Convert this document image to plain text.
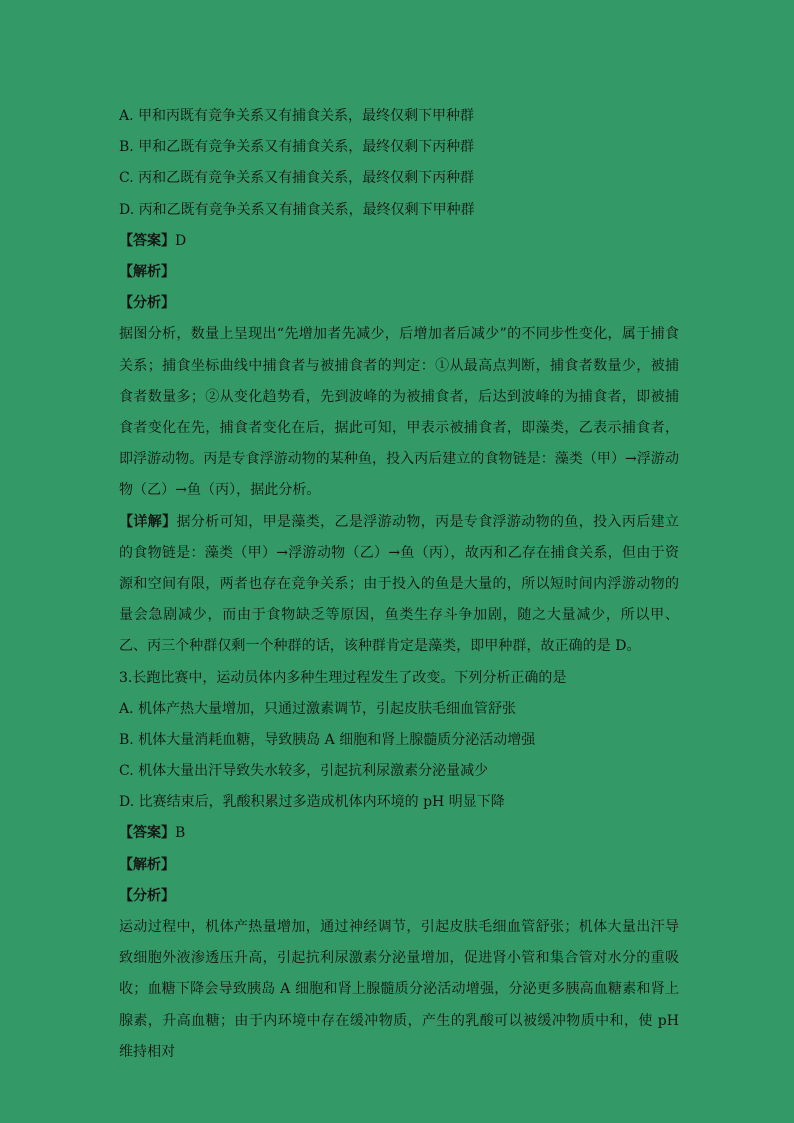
A. 甲和丙既有竞争关系又有捕食关系，最终仅剩下甲种群
B. 甲和乙既有竞争关系又有捕食关系，最终仅剩下丙种群
C. 丙和乙既有竞争关系又有捕食关系，最终仅剩下丙种群
D. 丙和乙既有竞争关系又有捕食关系，最终仅剩下甲种群
【答案】D
【解析】
【分析】
据图分析，数量上呈现出“先增加者先减少，后增加者后减少”的不同步性变化，属于捕食关系；捕食坐标曲线中捕食者与被捕食者的判定：①从最高点判断，捕食者数量少，被捕食者数量多；②从变化趋势看，先到波峰的为被捕食者，后达到波峰的为捕食者，即被捕食者变化在先，捕食者变化在后，据此可知，甲表示被捕食者，即藻类，乙表示捕食者，即浮游动物。丙是专食浮游动物的某种鱼，投入丙后建立的食物链是：藻类（甲）→浮游动物（乙）→鱼（丙），据此分析。
【详解】据分析可知，甲是藻类，乙是浮游动物，丙是专食浮游动物的鱼，投入丙后建立的食物链是：藻类（甲）→浮游动物（乙）→鱼（丙），故丙和乙存在捕食关系，但由于资源和空间有限，两者也存在竞争关系；由于投入的鱼是大量的，所以短时间内浮游动物的量会急剧减少，而由于食物缺乏等原因，鱼类生存斗争加剧，随之大量减少，所以甲、乙、丙三个种群仅剩一个种群的话，该种群肯定是藻类，即甲种群，故正确的是 D。
3.长跑比赛中，运动员体内多种生理过程发生了改变。下列分析正确的是
A. 机体产热大量增加，只通过激素调节，引起皮肤毛细血管舒张
B. 机体大量消耗血糖，导致胰岛 A 细胞和肾上腺髓质分泌活动增强
C. 机体大量出汗导致失水较多，引起抗利尿激素分泌量减少
D. 比赛结束后，乳酸积累过多造成机体内环境的 pH 明显下降
【答案】B
【解析】
【分析】
运动过程中，机体产热量增加，通过神经调节，引起皮肤毛细血管舒张；机体大量出汗导致细胞外液渗透压升高，引起抗利尿激素分泌量增加，促进肾小管和集合管对水分的重吸收；血糖下降会导致胰岛 A 细胞和肾上腺髓质分泌活动增强，分泌更多胰高血糖素和肾上腺素，升高血糖；由于内环境中存在缓冲物质，产生的乳酸可以被缓冲物质中和，使 pH 维持相对
